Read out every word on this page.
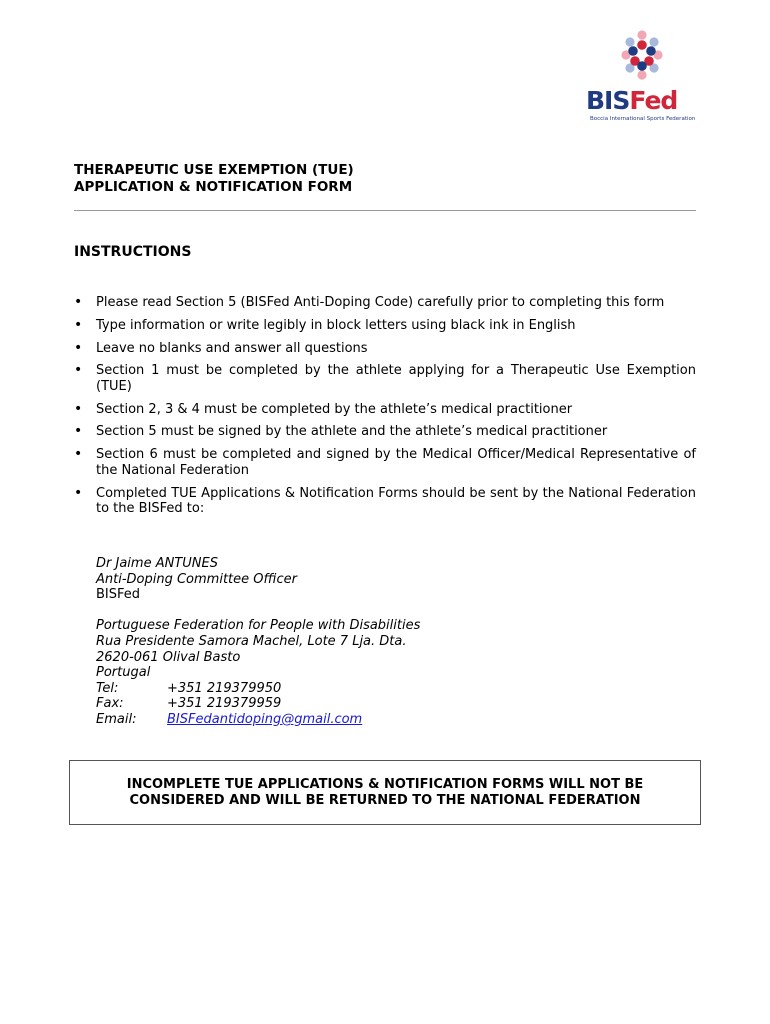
BISFed
Boccia International Sports Federation
THERAPEUTIC USE EXEMPTION (TUE)
APPLICATION & NOTIFICATION FORM
INSTRUCTIONS
• Please read Section 5 (BISFed Anti-Doping Code) carefully prior to completing this form
• Type information or write legibly in block letters using black ink in English
• Leave no blanks and answer all questions
• Section 1 must be completed by the athlete applying for a Therapeutic Use Exemption (TUE)
• Section 2, 3 & 4 must be completed by the athlete’s medical practitioner
• Section 5 must be signed by the athlete and the athlete’s medical practitioner
• Section 6 must be completed and signed by the Medical Officer/Medical Representative of the National Federation
• Completed TUE Applications & Notification Forms should be sent by the National Federation to the BISFed to:
Dr Jaime ANTUNES
Anti-Doping Committee Officer
BISFed
Portuguese Federation for People with Disabilities
Rua Presidente Samora Machel, Lote 7 Lja. Dta.
2620-061 Olival Basto
Portugal
Tel:	+351 219379950
Fax:	+351 219379959
Email:	BISFedantidoping@gmail.com
INCOMPLETE TUE APPLICATIONS & NOTIFICATION FORMS WILL NOT BE
CONSIDERED AND WILL BE RETURNED TO THE NATIONAL FEDERATION
